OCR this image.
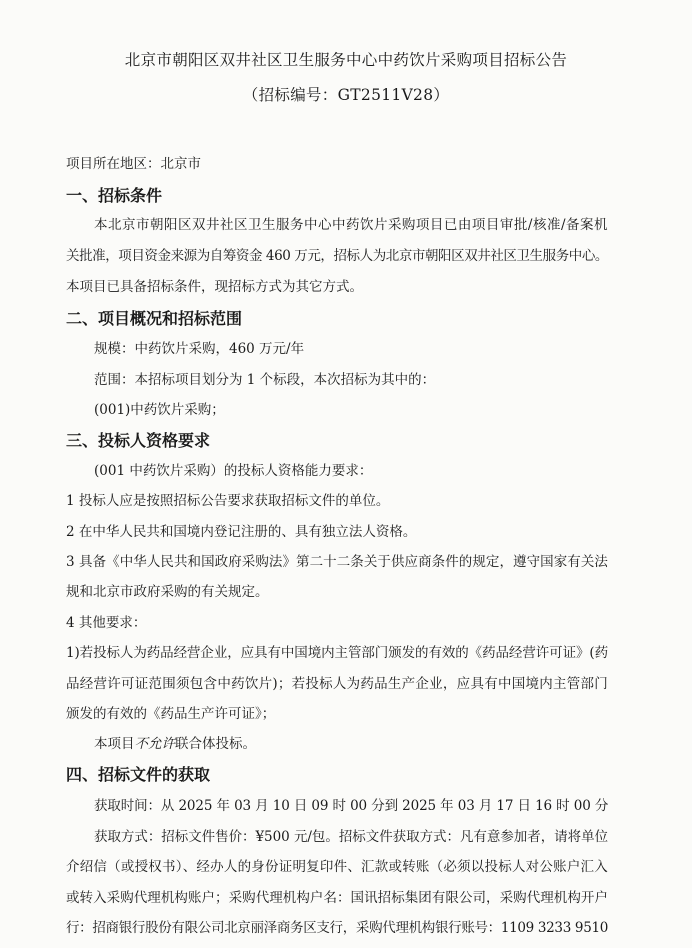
北京市朝阳区双井社区卫生服务中心中药饮片采购项目招标公告
（招标编号：GT2511V28）
项目所在地区：北京市
一、招标条件
本北京市朝阳区双井社区卫生服务中心中药饮片采购项目已由项目审批/核准/备案机
关批准，项目资金来源为自筹资金 460 万元，招标人为北京市朝阳区双井社区卫生服务中心。
本项目已具备招标条件，现招标方式为其它方式。
二、项目概况和招标范围
规模：中药饮片采购，460 万元/年
范围：本招标项目划分为 1 个标段，本次招标为其中的：
(001)中药饮片采购；
三、投标人资格要求
(001 中药饮片采购）的投标人资格能力要求：
1 投标人应是按照招标公告要求获取招标文件的单位。
2 在中华人民共和国境内登记注册的、具有独立法人资格。
3 具备《中华人民共和国政府采购法》第二十二条关于供应商条件的规定，遵守国家有关法
规和北京市政府采购的有关规定。
4 其他要求：
1)若投标人为药品经营企业，应具有中国境内主管部门颁发的有效的《药品经营许可证》(药
品经营许可证范围须包含中药饮片)；若投标人为药品生产企业，应具有中国境内主管部门
颁发的有效的《药品生产许可证》；
本项目不允许联合体投标。
四、招标文件的获取
获取时间：从 2025 年 03 月 10 日 09 时 00 分到 2025 年 03 月 17 日 16 时 00 分
获取方式：招标文件售价：¥500 元/包。招标文件获取方式：凡有意参加者，请将单位
介绍信（或授权书）、经办人的身份证明复印件、汇款或转账（必须以投标人对公账户汇入
或转入采购代理机构账户；采购代理机构户名：国讯招标集团有限公司，采购代理机构开户
行：招商银行股份有限公司北京丽泽商务区支行，采购代理机构银行账号：1109 3233 9510
